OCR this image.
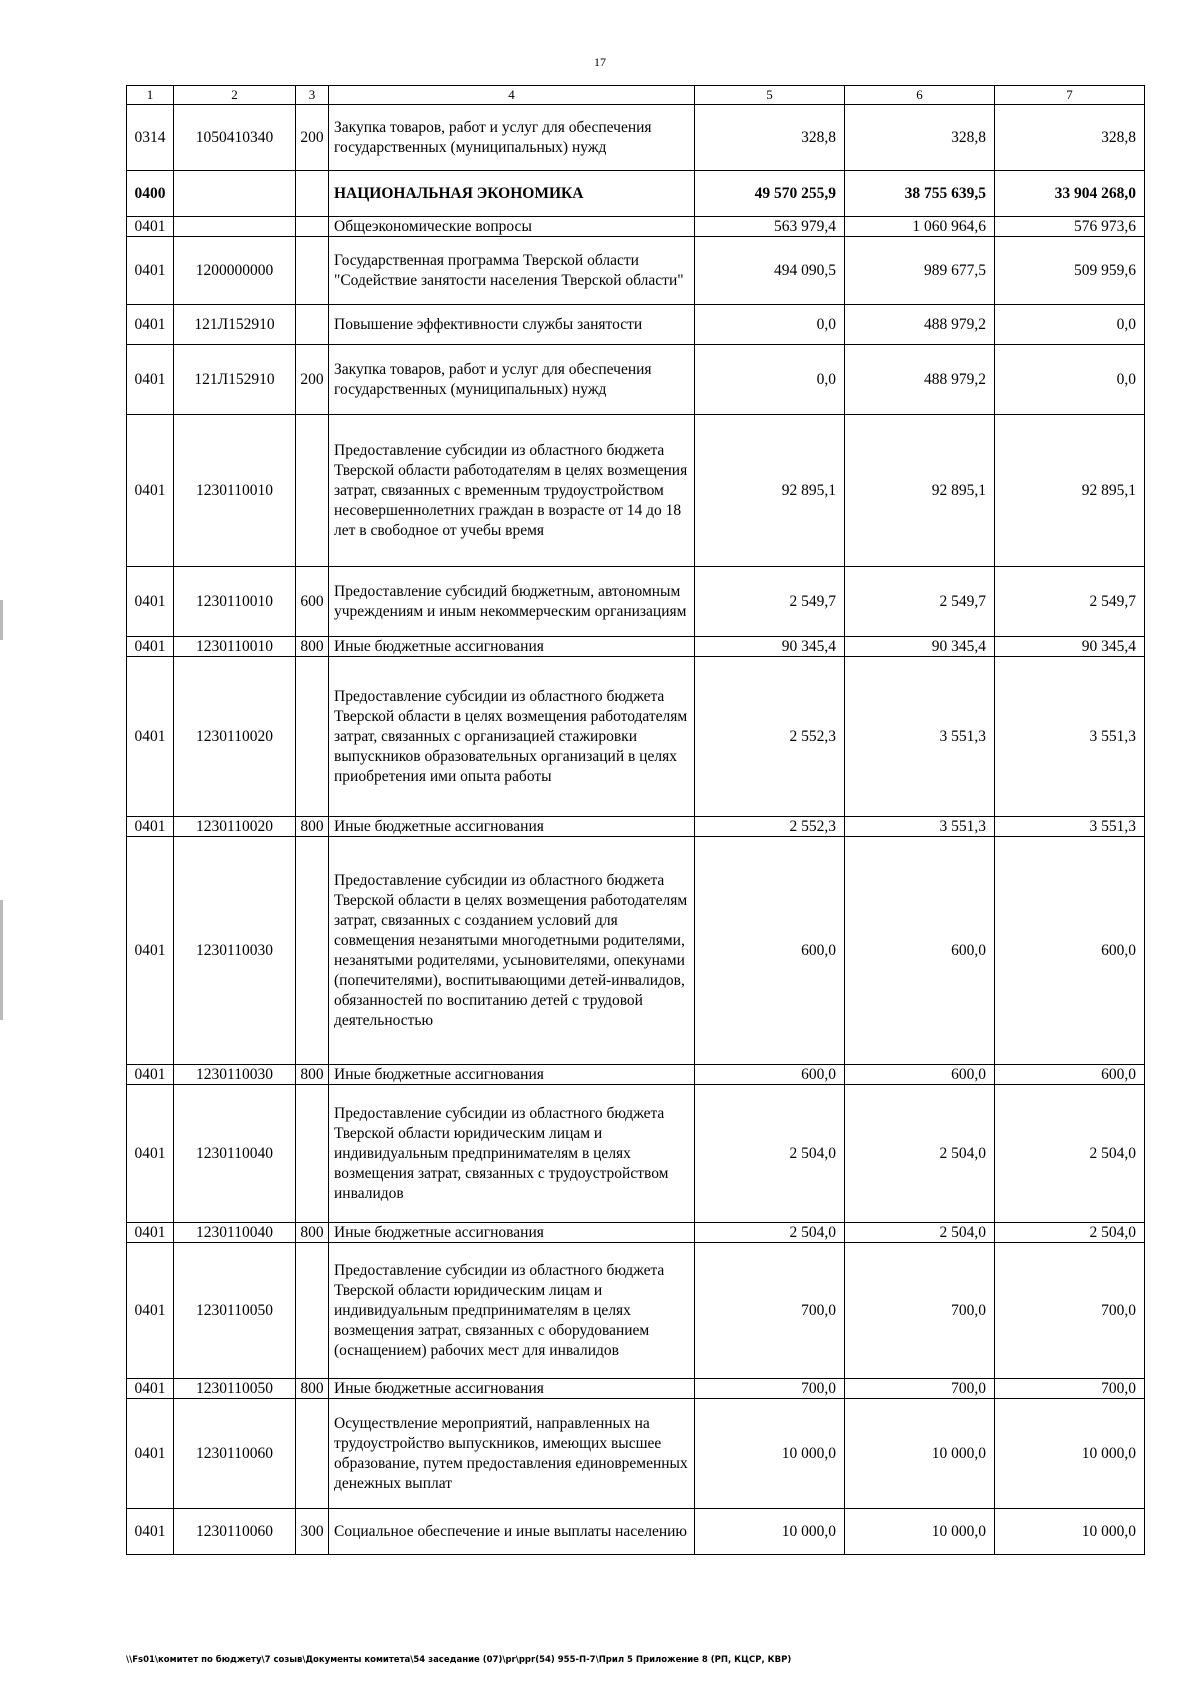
17
1	2	3	4	5	6	7
0314	1050410340	200	Закупка товаров, работ и услуг для обеспечения государственных (муниципальных) нужд	328,8	328,8	328,8
0400			НАЦИОНАЛЬНАЯ ЭКОНОМИКА	49 570 255,9	38 755 639,5	33 904 268,0
0401			Общеэкономические вопросы	563 979,4	1 060 964,6	576 973,6
0401	1200000000		Государственная программа Тверской области "Содействие занятости населения Тверской области"	494 090,5	989 677,5	509 959,6
0401	121Л152910		Повышение эффективности службы занятости	0,0	488 979,2	0,0
0401	121Л152910	200	Закупка товаров, работ и услуг для обеспечения государственных (муниципальных) нужд	0,0	488 979,2	0,0
0401	1230110010		Предоставление субсидии из областного бюджета Тверской области работодателям в целях возмещения затрат, связанных с временным трудоустройством несовершеннолетних граждан в возрасте от 14 до 18 лет в свободное от учебы время	92 895,1	92 895,1	92 895,1
0401	1230110010	600	Предоставление субсидий бюджетным, автономным учреждениям и иным некоммерческим организациям	2 549,7	2 549,7	2 549,7
0401	1230110010	800	Иные бюджетные ассигнования	90 345,4	90 345,4	90 345,4
0401	1230110020		Предоставление субсидии из областного бюджета Тверской области в целях возмещения работодателям затрат, связанных с организацией стажировки выпускников образовательных организаций в целях приобретения ими опыта работы	2 552,3	3 551,3	3 551,3
0401	1230110020	800	Иные бюджетные ассигнования	2 552,3	3 551,3	3 551,3
0401	1230110030		Предоставление субсидии из областного бюджета Тверской области в целях возмещения работодателям затрат, связанных с созданием условий для совмещения незанятыми многодетными родителями, незанятыми родителями, усыновителями, опекунами (попечителями), воспитывающими детей-инвалидов, обязанностей по воспитанию детей с трудовой деятельностью	600,0	600,0	600,0
0401	1230110030	800	Иные бюджетные ассигнования	600,0	600,0	600,0
0401	1230110040		Предоставление субсидии из областного бюджета Тверской области юридическим лицам и индивидуальным предпринимателям в целях возмещения затрат, связанных с трудоустройством инвалидов	2 504,0	2 504,0	2 504,0
0401	1230110040	800	Иные бюджетные ассигнования	2 504,0	2 504,0	2 504,0
0401	1230110050		Предоставление субсидии из областного бюджета Тверской области юридическим лицам и индивидуальным предпринимателям в целях возмещения затрат, связанных с оборудованием (оснащением) рабочих мест для инвалидов	700,0	700,0	700,0
0401	1230110050	800	Иные бюджетные ассигнования	700,0	700,0	700,0
0401	1230110060		Осуществление мероприятий, направленных на трудоустройство выпускников, имеющих высшее образование, путем предоставления единовременных денежных выплат	10 000,0	10 000,0	10 000,0
0401	1230110060	300	Социальное обеспечение и иные выплаты населению	10 000,0	10 000,0	10 000,0
\\Fs01\комитет по бюджету\7 созыв\Документы комитета\54 заседание (07)\pr\ppr(54) 955-П-7\Прил 5 Приложение 8 (РП, КЦСР, КВР)
